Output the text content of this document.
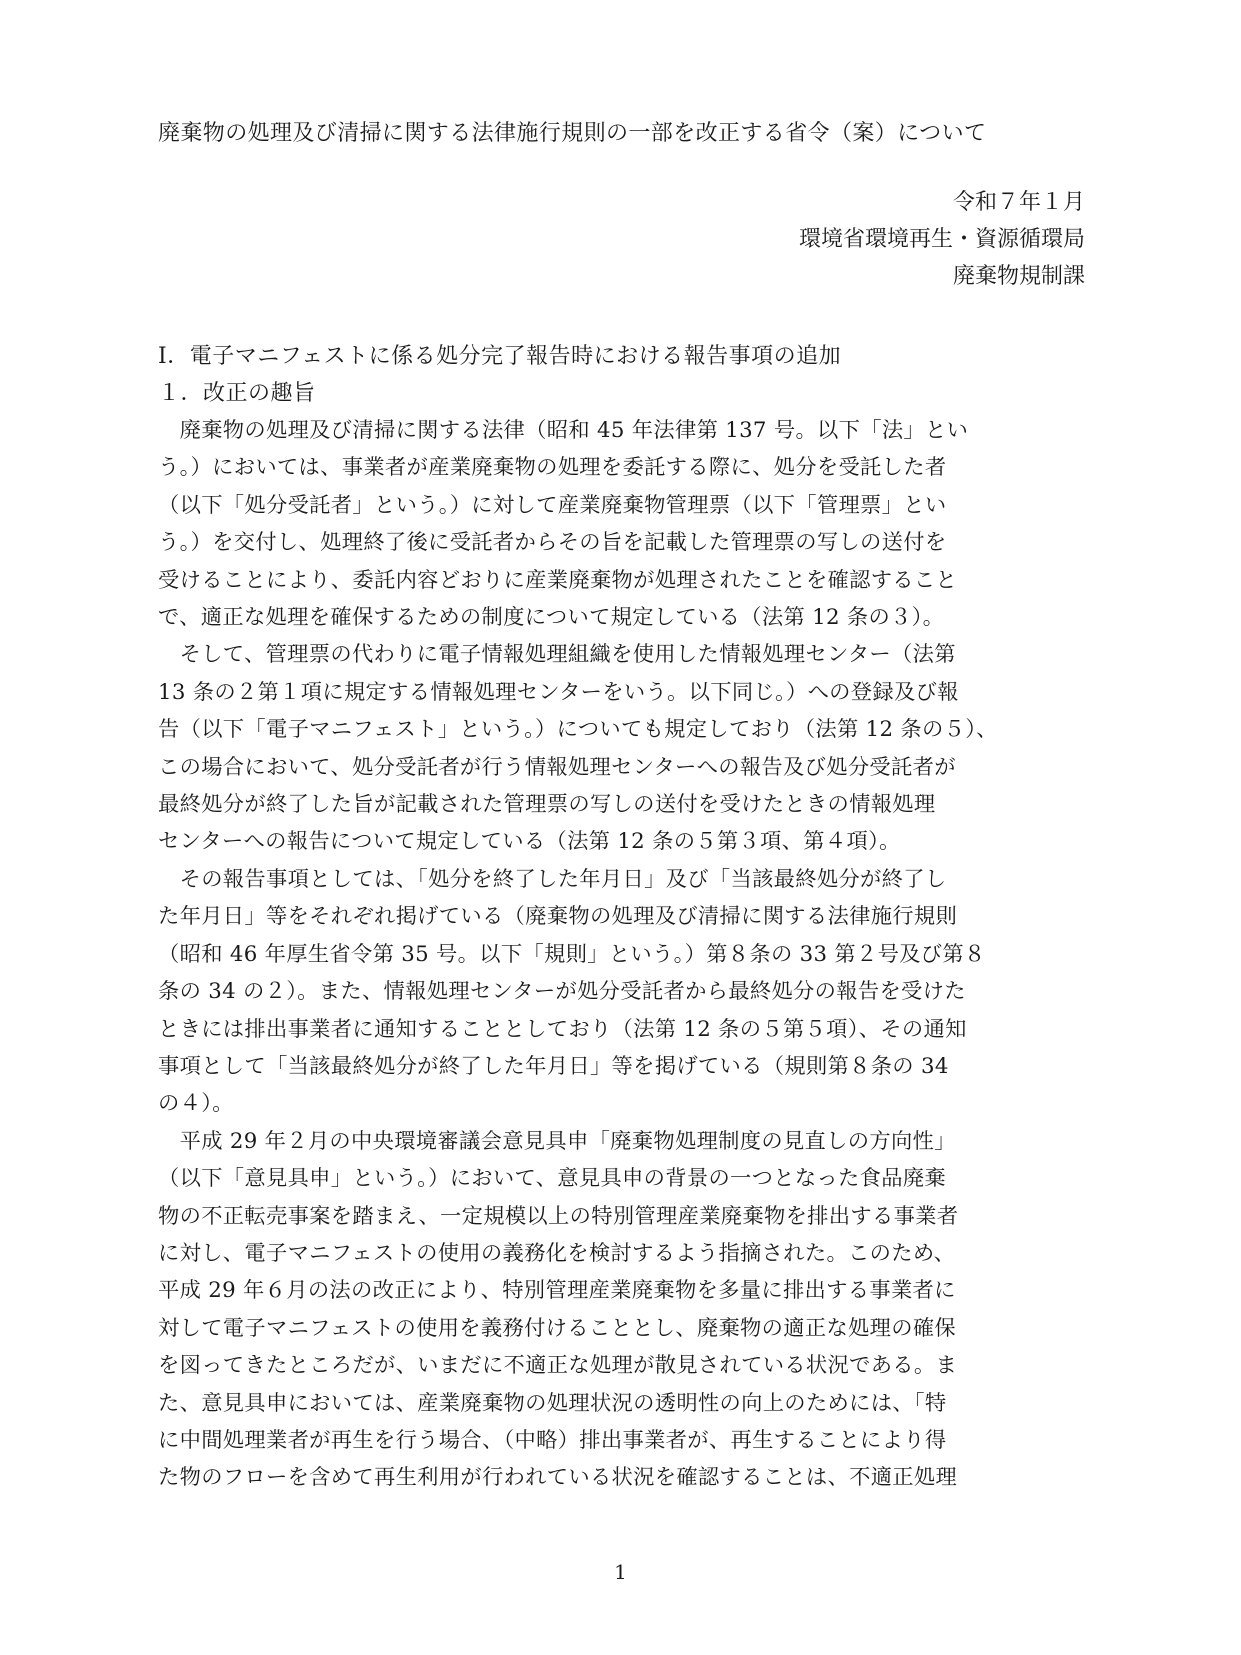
廃棄物の処理及び清掃に関する法律施行規則の一部を改正する省令（案）について
令和７年１月
環境省環境再生・資源循環局
廃棄物規制課
Ⅰ．電子マニフェストに係る処分完了報告時における報告事項の追加
１．改正の趣旨
　廃棄物の処理及び清掃に関する法律（昭和 45 年法律第 137 号。以下「法」とい
う。）においては、事業者が産業廃棄物の処理を委託する際に、処分を受託した者
（以下「処分受託者」という。）に対して産業廃棄物管理票（以下「管理票」とい
う。）を交付し、処理終了後に受託者からその旨を記載した管理票の写しの送付を
受けることにより、委託内容どおりに産業廃棄物が処理されたことを確認すること
で、適正な処理を確保するための制度について規定している（法第 12 条の３）。
　そして、管理票の代わりに電子情報処理組織を使用した情報処理センター（法第
13 条の２第１項に規定する情報処理センターをいう。以下同じ。）への登録及び報
告（以下「電子マニフェスト」という。）についても規定しており（法第 12 条の５）、
この場合において、処分受託者が行う情報処理センターへの報告及び処分受託者が
最終処分が終了した旨が記載された管理票の写しの送付を受けたときの情報処理
センターへの報告について規定している（法第 12 条の５第３項、第４項）。
　その報告事項としては、「処分を終了した年月日」及び「当該最終処分が終了し
た年月日」等をそれぞれ掲げている（廃棄物の処理及び清掃に関する法律施行規則
（昭和 46 年厚生省令第 35 号。以下「規則」という。）第８条の 33 第２号及び第８
条の 34 の２）。また、情報処理センターが処分受託者から最終処分の報告を受けた
ときには排出事業者に通知することとしており（法第 12 条の５第５項）、その通知
事項として「当該最終処分が終了した年月日」等を掲げている（規則第８条の 34
の４）。
　平成 29 年２月の中央環境審議会意見具申「廃棄物処理制度の見直しの方向性」
（以下「意見具申」という。）において、意見具申の背景の一つとなった食品廃棄
物の不正転売事案を踏まえ、一定規模以上の特別管理産業廃棄物を排出する事業者
に対し、電子マニフェストの使用の義務化を検討するよう指摘された。このため、
平成 29 年６月の法の改正により、特別管理産業廃棄物を多量に排出する事業者に
対して電子マニフェストの使用を義務付けることとし、廃棄物の適正な処理の確保
を図ってきたところだが、いまだに不適正な処理が散見されている状況である。ま
た、意見具申においては、産業廃棄物の処理状況の透明性の向上のためには、「特
に中間処理業者が再生を行う場合、（中略）排出事業者が、再生することにより得
た物のフローを含めて再生利用が行われている状況を確認することは、不適正処理
1
